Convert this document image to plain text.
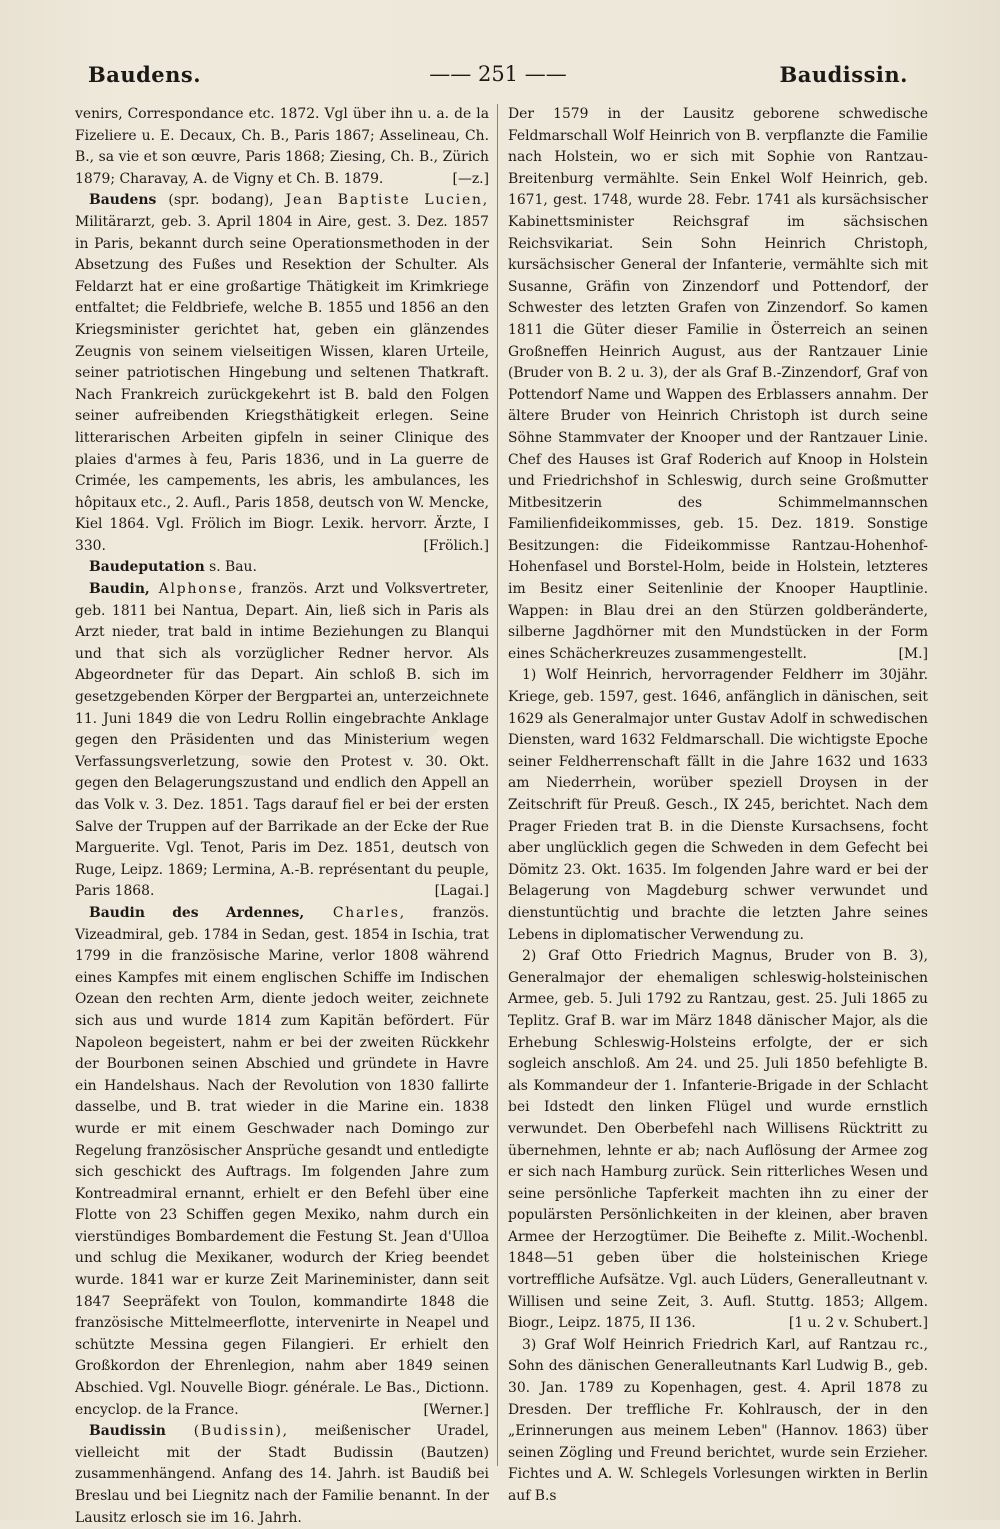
Baudens.	—— 251 ——	Baudissin.

venirs, Correspondance etc. 1872. Vgl über ihn u. a. de la Fizeliere u. E. Decaux, Ch. B., Paris 1867; Asselineau, Ch. B., sa vie et son œuvre, Paris 1868; Ziesing, Ch. B., Zürich 1879; Charavay, A. de Vigny et Ch. B. 1879.	[—z.]

Baudens (spr. bodang), Jean Baptiste Lucien, Militärarzt, geb. 3. April 1804 in Aire, gest. 3. Dez. 1857 in Paris, bekannt durch seine Operationsmethoden in der Absetzung des Fußes und Resektion der Schulter. Als Feldarzt hat er eine großartige Thätigkeit im Krimkriege entfaltet; die Feldbriefe, welche B. 1855 und 1856 an den Kriegsminister gerichtet hat, geben ein glänzendes Zeugnis von seinem vielseitigen Wissen, klaren Urteile, seiner patriotischen Hingebung und seltenen Thatkraft. Nach Frankreich zurückgekehrt ist B. bald den Folgen seiner aufreibenden Kriegsthätigkeit erlegen. Seine litterarischen Arbeiten gipfeln in seiner Clinique des plaies d'armes à feu, Paris 1836, und in La guerre de Crimée, les campements, les abris, les ambulances, les hôpitaux etc., 2. Aufl., Paris 1858, deutsch von W. Mencke, Kiel 1864. Vgl. Frölich im Biogr. Lexik. hervorr. Ärzte, I 330.	[Frölich.]

Baudeputation s. Bau.

Baudin, Alphonse, französ. Arzt und Volksvertreter, geb. 1811 bei Nantua, Depart. Ain, ließ sich in Paris als Arzt nieder, trat bald in intime Beziehungen zu Blanqui und that sich als vorzüglicher Redner hervor. Als Abgeordneter für das Depart. Ain schloß B. sich im gesetzgebenden Körper der Bergpartei an, unterzeichnete 11. Juni 1849 die von Ledru Rollin eingebrachte Anklage gegen den Präsidenten und das Ministerium wegen Verfassungsverletzung, sowie den Protest v. 30. Okt. gegen den Belagerungszustand und endlich den Appell an das Volk v. 3. Dez. 1851. Tags darauf fiel er bei der ersten Salve der Truppen auf der Barrikade an der Ecke der Rue Marguerite. Vgl. Tenot, Paris im Dez. 1851, deutsch von Ruge, Leipz. 1869; Lermina, A.-B. représentant du peuple, Paris 1868.	[Lagai.]

Baudin des Ardennes, Charles, französ. Vizeadmiral, geb. 1784 in Sedan, gest. 1854 in Ischia, trat 1799 in die französische Marine, verlor 1808 während eines Kampfes mit einem englischen Schiffe im Indischen Ozean den rechten Arm, diente jedoch weiter, zeichnete sich aus und wurde 1814 zum Kapitän befördert. Für Napoleon begeistert, nahm er bei der zweiten Rückkehr der Bourbonen seinen Abschied und gründete in Havre ein Handelshaus. Nach der Revolution von 1830 fallirte dasselbe, und B. trat wieder in die Marine ein. 1838 wurde er mit einem Geschwader nach Domingo zur Regelung französischer Ansprüche gesandt und entledigte sich geschickt des Auftrags. Im folgenden Jahre zum Kontreadmiral ernannt, erhielt er den Befehl über eine Flotte von 23 Schiffen gegen Mexiko, nahm durch ein vierstündiges Bombardement die Festung St. Jean d'Ulloa und schlug die Mexikaner, wodurch der Krieg beendet wurde. 1841 war er kurze Zeit Marineminister, dann seit 1847 Seepräfekt von Toulon, kommandirte 1848 die französische Mittelmeerflotte, intervenirte in Neapel und schützte Messina gegen Filangieri. Er erhielt den Großkordon der Ehrenlegion, nahm aber 1849 seinen Abschied. Vgl. Nouvelle Biogr. générale. Le Bas., Dictionn. encyclop. de la France.	[Werner.]

Baudissin (Budissin), meißenischer Uradel, vielleicht mit der Stadt Budissin (Bautzen) zusammenhängend. Anfang des 14. Jahrh. ist Baudiß bei Breslau und bei Liegnitz nach der Familie benannt. In der Lausitz erlosch sie im 16. Jahrh.

Der 1579 in der Lausitz geborene schwedische Feldmarschall Wolf Heinrich von B. verpflanzte die Familie nach Holstein, wo er sich mit Sophie von Rantzau-Breitenburg vermählte. Sein Enkel Wolf Heinrich, geb. 1671, gest. 1748, wurde 28. Febr. 1741 als kursächsischer Kabinettsminister Reichsgraf im sächsischen Reichsvikariat. Sein Sohn Heinrich Christoph, kursächsischer General der Infanterie, vermählte sich mit Susanne, Gräfin von Zinzendorf und Pottendorf, der Schwester des letzten Grafen von Zinzendorf. So kamen 1811 die Güter dieser Familie in Österreich an seinen Großneffen Heinrich August, aus der Rantzauer Linie (Bruder von B. 2 u. 3), der als Graf B.-Zinzendorf, Graf von Pottendorf Name und Wappen des Erblassers annahm. Der ältere Bruder von Heinrich Christoph ist durch seine Söhne Stammvater der Knooper und der Rantzauer Linie. Chef des Hauses ist Graf Roderich auf Knoop in Holstein und Friedrichshof in Schleswig, durch seine Großmutter Mitbesitzerin des Schimmelmannschen Familienfideikommisses, geb. 15. Dez. 1819. Sonstige Besitzungen: die Fideikommisse Rantzau-Hohenhof-Hohenfasel und Borstel-Holm, beide in Holstein, letzteres im Besitz einer Seitenlinie der Knooper Hauptlinie. Wappen: in Blau drei an den Stürzen goldberänderte, silberne Jagdhörner mit den Mundstücken in der Form eines Schächerkreuzes zusammengestellt.	[M.]

1) Wolf Heinrich, hervorragender Feldherr im 30jähr. Kriege, geb. 1597, gest. 1646, anfänglich in dänischen, seit 1629 als Generalmajor unter Gustav Adolf in schwedischen Diensten, ward 1632 Feldmarschall. Die wichtigste Epoche seiner Feldherrenschaft fällt in die Jahre 1632 und 1633 am Niederrhein, worüber speziell Droysen in der Zeitschrift für Preuß. Gesch., IX 245, berichtet. Nach dem Prager Frieden trat B. in die Dienste Kursachsens, focht aber unglücklich gegen die Schweden in dem Gefecht bei Dömitz 23. Okt. 1635. Im folgenden Jahre ward er bei der Belagerung von Magdeburg schwer verwundet und dienstuntüchtig und brachte die letzten Jahre seines Lebens in diplomatischer Verwendung zu.

2) Graf Otto Friedrich Magnus, Bruder von B. 3), Generalmajor der ehemaligen schleswig-holsteinischen Armee, geb. 5. Juli 1792 zu Rantzau, gest. 25. Juli 1865 zu Teplitz. Graf B. war im März 1848 dänischer Major, als die Erhebung Schleswig-Holsteins erfolgte, der er sich sogleich anschloß. Am 24. und 25. Juli 1850 befehligte B. als Kommandeur der 1. Infanterie-Brigade in der Schlacht bei Idstedt den linken Flügel und wurde ernstlich verwundet. Den Oberbefehl nach Willisens Rücktritt zu übernehmen, lehnte er ab; nach Auflösung der Armee zog er sich nach Hamburg zurück. Sein ritterliches Wesen und seine persönliche Tapferkeit machten ihn zu einer der populärsten Persönlichkeiten in der kleinen, aber braven Armee der Herzogtümer. Die Beihefte z. Milit.-Wochenbl. 1848—51 geben über die holsteinischen Kriege vortreffliche Aufsätze. Vgl. auch Lüders, Generalleutnant v. Willisen und seine Zeit, 3. Aufl. Stuttg. 1853; Allgem. Biogr., Leipz. 1875, II 136.	[1 u. 2 v. Schubert.]

3) Graf Wolf Heinrich Friedrich Karl, auf Rantzau rc., Sohn des dänischen Generalleutnants Karl Ludwig B., geb. 30. Jan. 1789 zu Kopenhagen, gest. 4. April 1878 zu Dresden. Der treffliche Fr. Kohlrausch, der in den „Erinnerungen aus meinem Leben" (Hannov. 1863) über seinen Zögling und Freund berichtet, wurde sein Erzieher. Fichtes und A. W. Schlegels Vorlesungen wirkten in Berlin auf B.s
